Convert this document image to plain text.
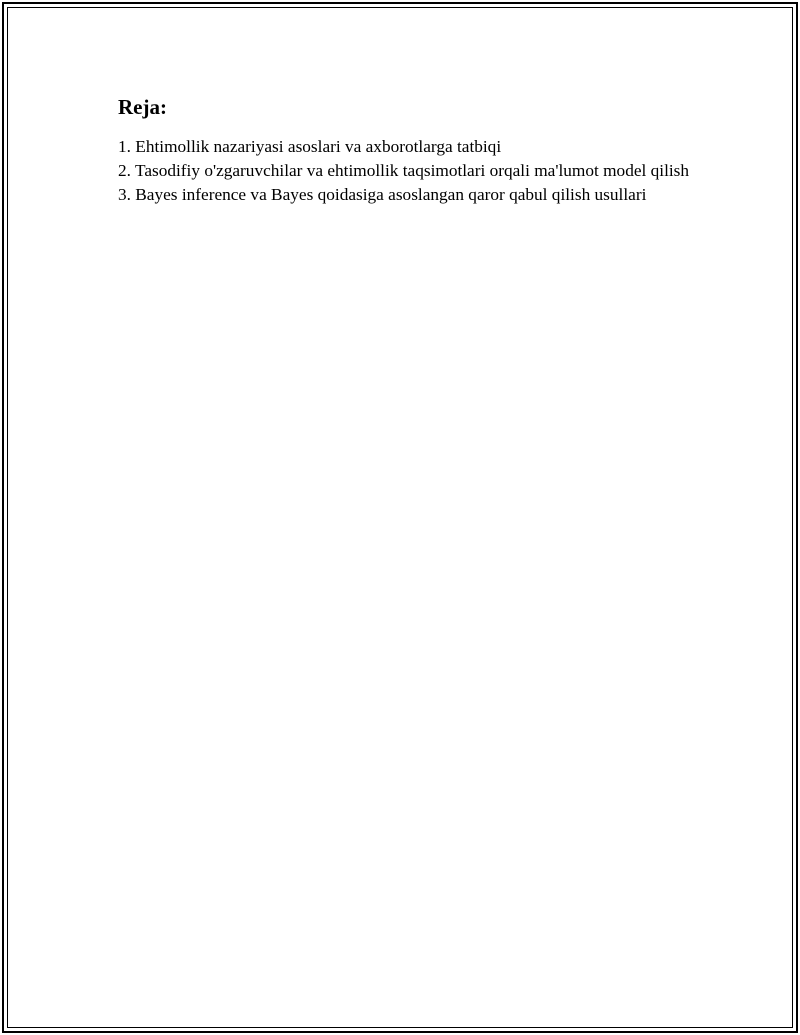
Reja:
1. Ehtimollik nazariyasi asoslari va axborotlarga tatbiqi
2. Tasodifiy o'zgaruvchilar va ehtimollik taqsimotlari orqali ma'lumot model qilish
3. Bayes inference va Bayes qoidasiga asoslangan qaror qabul qilish usullari
